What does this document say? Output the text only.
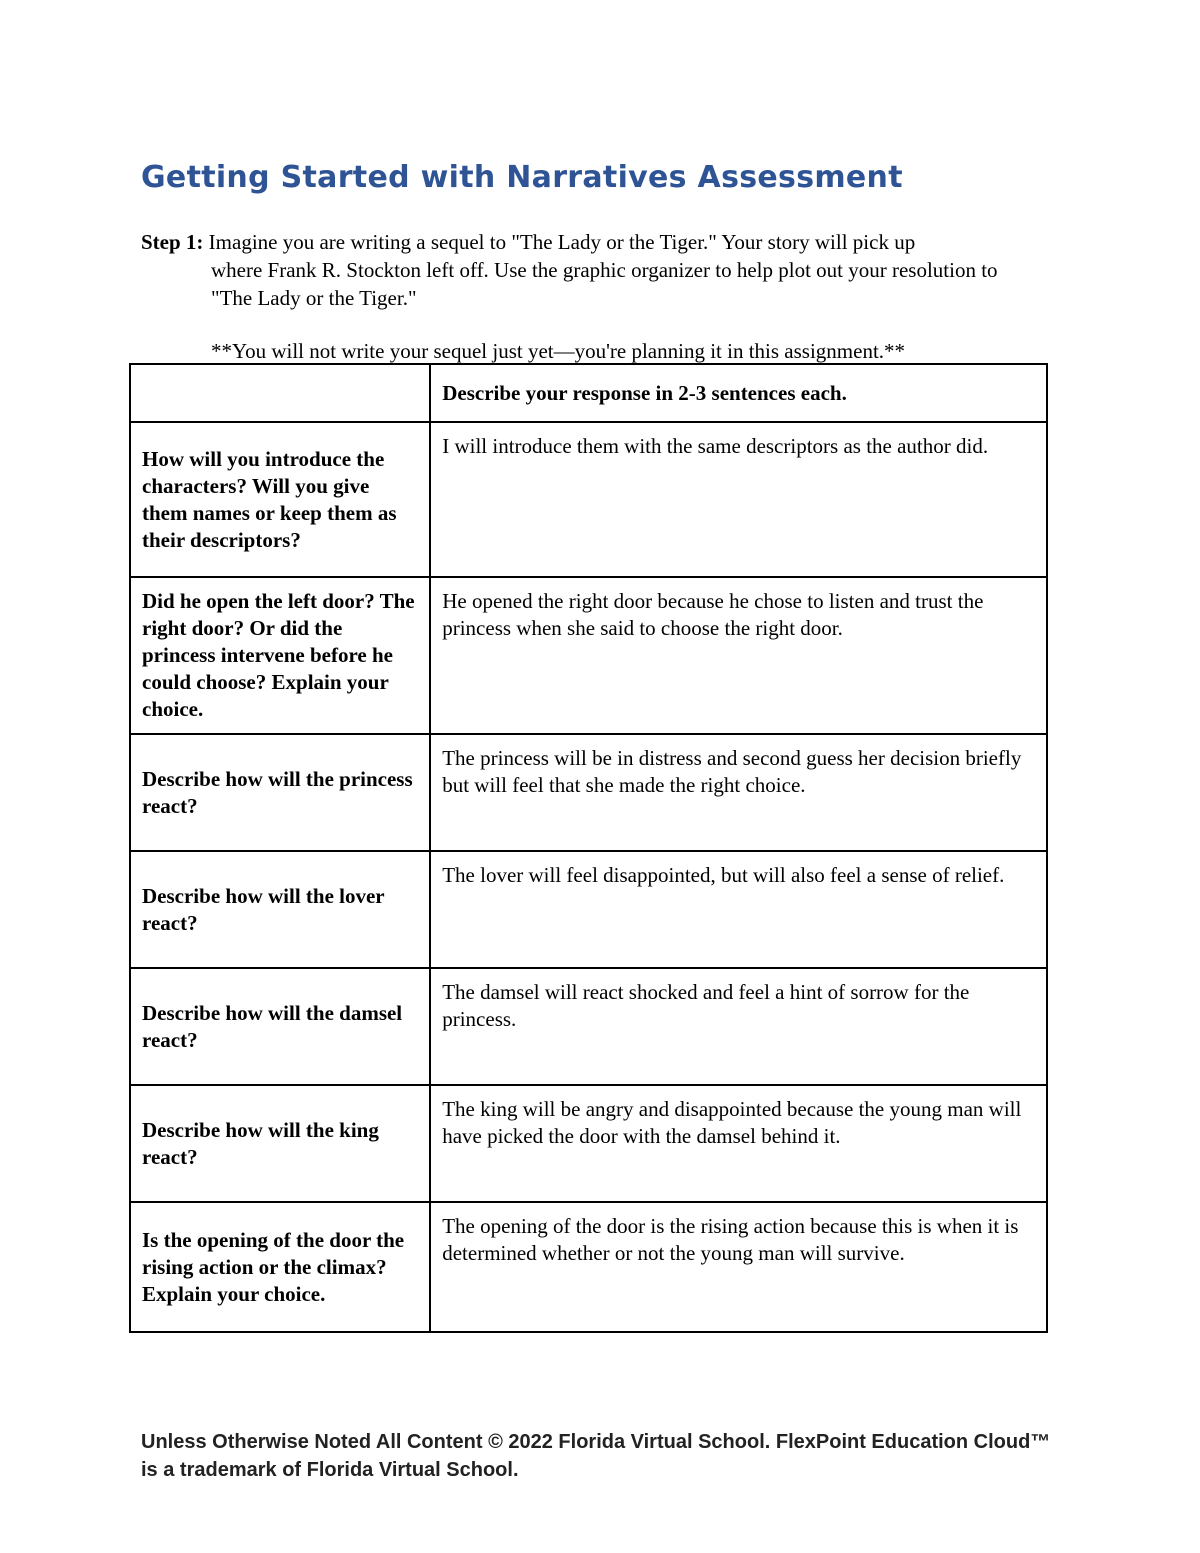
Getting Started with Narratives Assessment
Step 1: Imagine you are writing a sequel to "The Lady or the Tiger." Your story will pick up
where Frank R. Stockton left off. Use the graphic organizer to help plot out your resolution to "The Lady or the Tiger."
**You will not write your sequel just yet—you're planning it in this assignment.**
	Describe your response in 2-3 sentences each.
How will you introduce the characters? Will you give them names or keep them as their descriptors?	I will introduce them with the same descriptors as the author did.
Did he open the left door? The right door? Or did the princess intervene before he could choose? Explain your choice.	He opened the right door because he chose to listen and trust the princess when she said to choose the right door.
Describe how will the princess react?	The princess will be in distress and second guess her decision briefly but will feel that she made the right choice.
Describe how will the lover react?	The lover will feel disappointed, but will also feel a sense of relief.
Describe how will the damsel react?	The damsel will react shocked and feel a hint of sorrow for the princess.
Describe how will the king react?	The king will be angry and disappointed because the young man will have picked the door with the damsel behind it.
Is the opening of the door the rising action or the climax? Explain your choice.	The opening of the door is the rising action because this is when it is determined whether or not the young man will survive.
Unless Otherwise Noted All Content © 2022 Florida Virtual School. FlexPoint Education Cloud™ is a trademark of Florida Virtual School.
